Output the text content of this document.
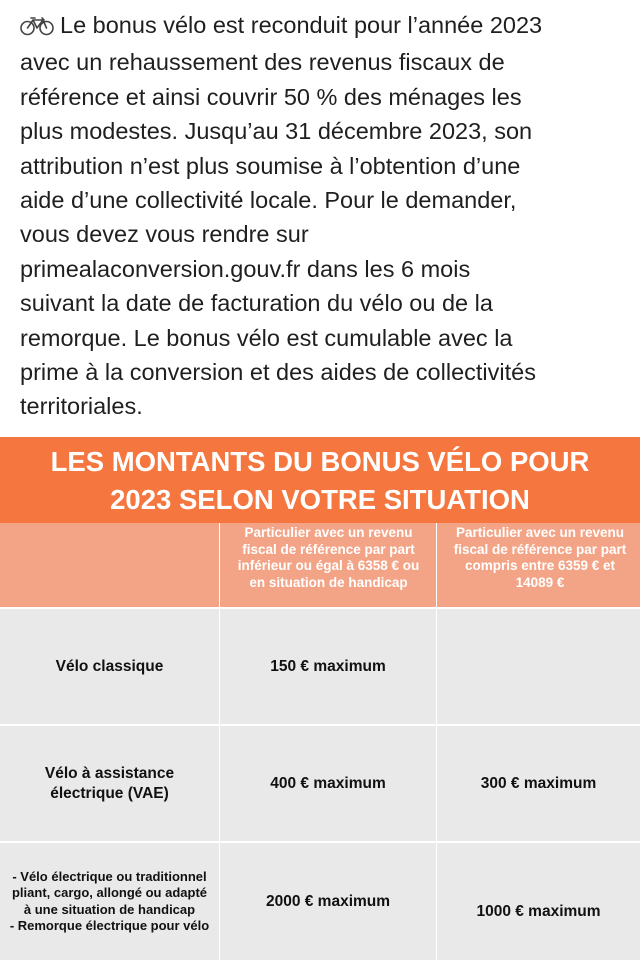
Le bonus vélo est reconduit pour l’année 2023
avec un rehaussement des revenus fiscaux de
référence et ainsi couvrir 50 % des ménages les
plus modestes. Jusqu’au 31 décembre 2023, son
attribution n’est plus soumise à l’obtention d’une
aide d’une collectivité locale. Pour le demander,
vous devez vous rendre sur
primealaconversion.gouv.fr dans les 6 mois
suivant la date de facturation du vélo ou de la
remorque. Le bonus vélo est cumulable avec la
prime à la conversion et des aides de collectivités
territoriales.
LES MONTANTS DU BONUS VÉLO POUR
2023 SELON VOTRE SITUATION
Particulier avec un revenu
fiscal de référence par part
inférieur ou égal à 6358 € ou
en situation de handicap
Particulier avec un revenu
fiscal de référence par part
compris entre 6359 € et
14089 €
Vélo classique	150 € maximum
Vélo à assistance
électrique (VAE)
400 € maximum	300 € maximum
- Vélo électrique ou traditionnel
pliant, cargo, allongé ou adapté
à une situation de handicap
- Remorque électrique pour vélo
2000 € maximum
1000 € maximum
